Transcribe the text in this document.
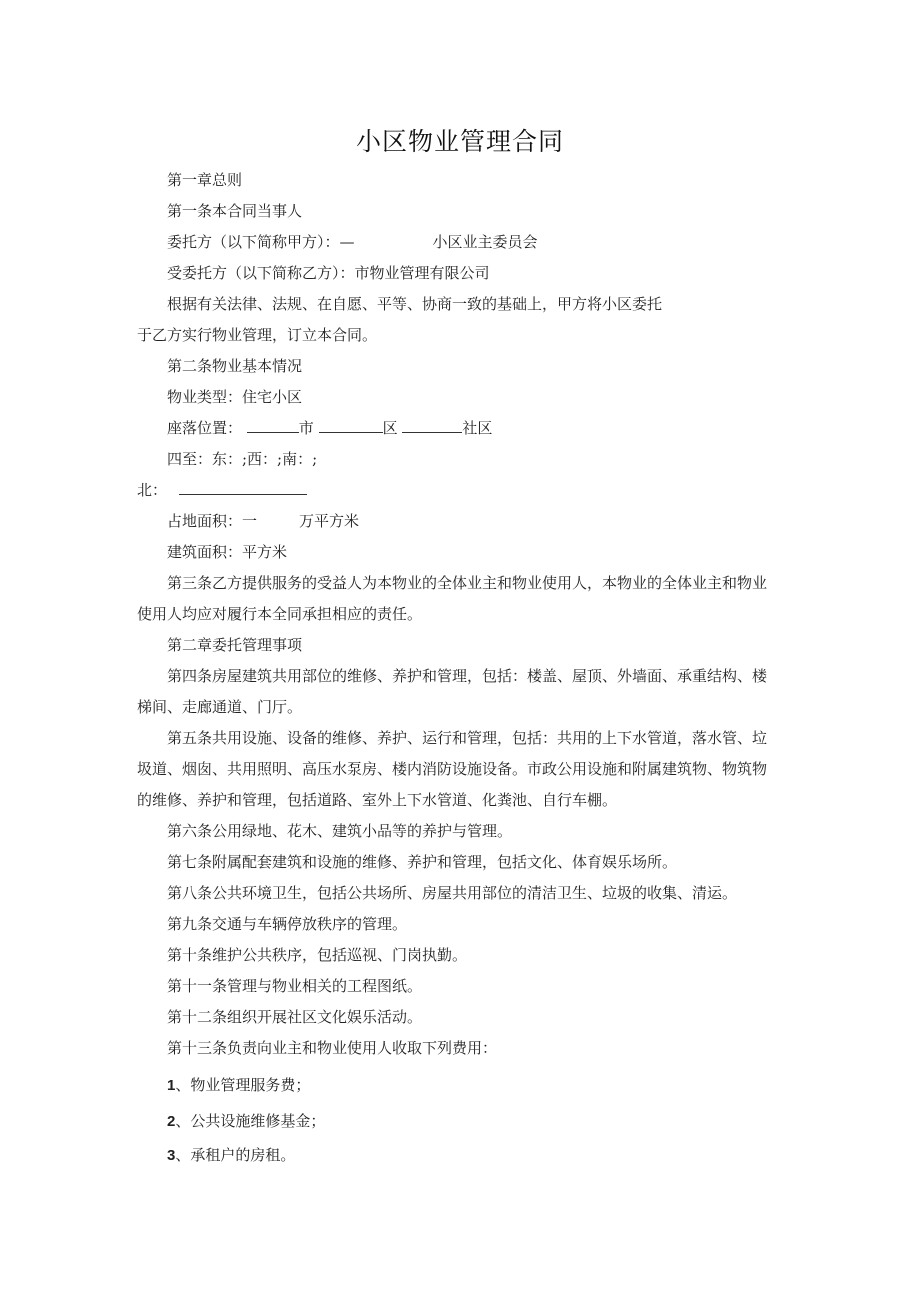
小区物业管理合同
第一章总则
第一条本合同当事人
委托方（以下简称甲方）：—	小区业主委员会
受委托方（以下简称乙方）：市物业管理有限公司
根据有关法律、法规、在自愿、平等、协商一致的基础上，甲方将小区委托
于乙方实行物业管理，订立本合同。
第二条物业基本情况
物业类型：住宅小区
座落位置：	市	区	社区
四至：东：;西：;南：;
北：
占地面积：一	万平方米
建筑面积：平方米
第三条乙方提供服务的受益人为本物业的全体业主和物业使用人，本物业的全体业主和物业
使用人均应对履行本全同承担相应的责任。
第二章委托管理事项
第四条房屋建筑共用部位的维修、养护和管理，包括：楼盖、屋顶、外墙面、承重结构、楼
梯间、走廊通道、门厅。
第五条共用设施、设备的维修、养护、运行和管理，包括：共用的上下水管道，落水管、垃
圾道、烟囱、共用照明、高压水泵房、楼内消防设施设备。市政公用设施和附属建筑物、物筑物
的维修、养护和管理，包括道路、室外上下水管道、化粪池、自行车棚。
第六条公用绿地、花木、建筑小品等的养护与管理。
第七条附属配套建筑和设施的维修、养护和管理，包括文化、体育娱乐场所。
第八条公共环境卫生，包括公共场所、房屋共用部位的清洁卫生、垃圾的收集、清运。
第九条交通与车辆停放秩序的管理。
第十条维护公共秩序，包括巡视、门岗执勤。
第十一条管理与物业相关的工程图纸。
第十二条组织开展社区文化娱乐活动。
第十三条负责向业主和物业使用人收取下列费用：
1、物业管理服务费；
2、公共设施维修基金；
3、承租户的房租。
